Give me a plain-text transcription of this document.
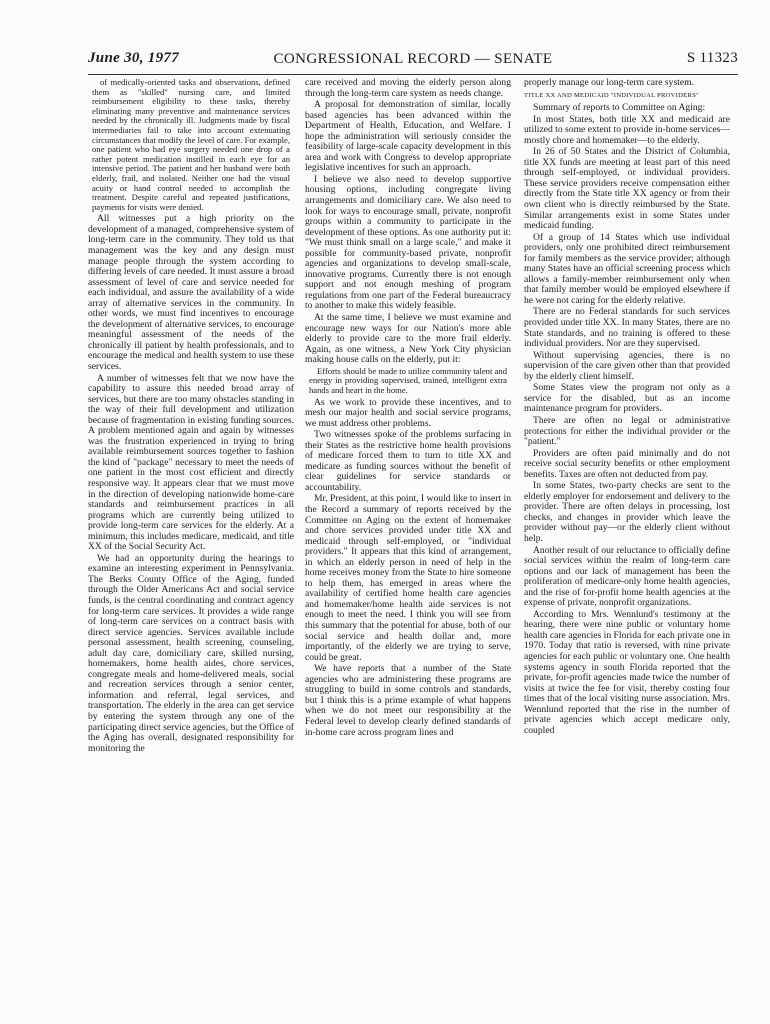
June 30, 1977	CONGRESSIONAL RECORD — SENATE	S 11323

of medically-oriented tasks and observations, defined them as "skilled" nursing care, and limited reimbursement eligibility to these tasks, thereby eliminating many preventive and maintenance services needed by the chronically ill. Judgments made by fiscal intermediaries fail to take into account extenuating circumstances that modify the level of care. For example, one patient who had eye surgery needed one drop of a rather potent medication instilled in each eye for an intensive period. The patient and her husband were both elderly, frail, and isolated. Neither one had the visual acuity or hand control needed to accomplish the treatment. Despite careful and repeated justifications, payments for visits were denied.

All witnesses put a high priority on the development of a managed, comprehensive system of long-term care in the community. They told us that management was the key and any design must manage people through the system according to differing levels of care needed. It must assure a broad assessment of level of care and service needed for each individual, and assure the availability of a wide array of alternative services in the community. In other words, we must find incentives to encourage the development of alternative services, to encourage meaningful assessment of the needs of the chronically ill patient by health professionals, and to encourage the medical and health system to use these services.

A number of witnesses felt that we now have the capability to assure this needed broad array of services, but there are too many obstacles standing in the way of their full development and utilization because of fragmentation in existing funding sources. A problem mentioned again and again by witnesses was the frustration experienced in trying to bring available reimbursement sources together to fashion the kind of "package" necessary to meet the needs of one patient in the most cost efficient and directly responsive way. It appears clear that we must move in the direction of developing nationwide home-care standards and reimbursement practices in all programs which are currently being utilized to provide long-term care services for the elderly. At a minimum, this includes medicare, medicaid, and title XX of the Social Security Act.

We had an opportunity during the hearings to examine an interesting experiment in Pennsylvania. The Berks County Office of the Aging, funded through the Older Americans Act and social service funds, is the central coordinating and contract agency for long-term care services. It provides a wide range of long-term care services on a contract basis with direct service agencies. Services available include personal assessment, health screening, counseling, adult day care, domiciliary care, skilled nursing, homemakers, home health aides, chore services, congregate meals and home-delivered meals, social and recreation services through a senior center, information and referral, legal services, and transportation. The elderly in the area can get service by entering the system through any one of the participating direct service agencies, but the Office of the Aging has overall, designated responsibility for monitoring the

care received and moving the elderly person along through the long-term care system as needs change.

A proposal for demonstration of similar, locally based agencies has been advanced within the Department of Health, Education, and Welfare. I hope the administration will seriously consider the feasibility of large-scale capacity development in this area and work with Congress to develop appropriate legislative incentives for such an approach.

I believe we also need to develop supportive housing options, including congregate living arrangements and domiciliary care. We also need to look for ways to encourage small, private, nonprofit groups within a community to participate in the development of these options. As one authority put it: "We must think small on a large scale," and make it possible for community-based private, nonprofit agencies and organizations to develop small-scale, innovative programs. Currently there is not enough support and not enough meshing of program regulations from one part of the Federal bureaucracy to another to make this widely feasible.

At the same time, I believe we must examine and encourage new ways for our Nation's more able elderly to provide care to the more frail elderly. Again, as one witness, a New York City physician making house calls on the elderly, put it:

Efforts should be made to utilize community talent and energy in providing supervised, trained, intelligent extra hands and heart in the home.

As we work to provide these incentives, and to mesh our major health and social service programs, we must address other problems.

Two witnesses spoke of the problems surfacing in their States as the restrictive home health provisions of medicare forced them to turn to title XX and medicare as funding sources without the benefit of clear guidelines for service standards or accountability.

Mr. President, at this point, I would like to insert in the Record a summary of reports received by the Committee on Aging on the extent of homemaker and chore services provided under title XX and medicaid through self-employed, or "individual providers." It appears that this kind of arrangement, in which an elderly person in need of help in the home receives money from the State to hire someone to help them, has emerged in areas where the availability of certified home health care agencies and homemaker/home health aide services is not enough to meet the need. I think you will see from this summary that the potential for abuse, both of our social service and health dollar and, more importantly, of the elderly we are trying to serve, could be great.

We have reports that a number of the State agencies who are administering these programs are struggling to build in some controls and standards, but I think this is a prime example of what happens when we do not meet our responsibility at the Federal level to develop clearly defined standards of in-home care across program lines and

properly manage our long-term care system.

TITLE XX AND MEDICAID "INDIVIDUAL PROVIDERS"

Summary of reports to Committee on Aging:

In most States, both title XX and medicaid are utilized to some extent to provide in-home services—mostly chore and homemaker—to the elderly.

In 26 of 50 States and the District of Columbia, title XX funds are meeting at least part of this need through self-employed, or individual providers. These service providers receive compensation either directly from the State title XX agency or from their own client who is directly reimbursed by the State. Similar arrangements exist in some States under medicaid funding.

Of a group of 14 States which use individual providers, only one prohibited direct reimbursement for family members as the service provider; although many States have an official screening process which allows a family-member reimbursement only when that family member would be employed elsewhere if he were not caring for the elderly relative.

There are no Federal standards for such services provided under title XX. In many States, there are no State standards, and no training is offered to these individual providers. Nor are they supervised.

Without supervising agencies, there is no supervision of the care given other than that provided by the elderly client himself.

Some States view the program not only as a service for the disabled, but as an income maintenance program for providers.

There are often no legal or administrative protections for either the individual provider or the "patient."

Providers are often paid minimally and do not receive social security benefits or other employment benefits. Taxes are often not deducted from pay.

In some States, two-party checks are sent to the elderly employer for endorsement and delivery to the provider. There are often delays in processing, lost checks, and changes in provider which leave the provider without pay—or the elderly client without help.

Another result of our reluctance to officially define social services within the realm of long-term care options and our lack of management has been the proliferation of medicare-only home health agencies, and the rise of for-profit home health agencies at the expense of private, nonprofit organizations.

According to Mrs. Wennlund's testimony at the hearing, there were nine public or voluntary home health care agencies in Florida for each private one in 1970. Today that ratio is reversed, with nine private agencies for each public or voluntary one. One health systems agency in south Florida reported that the private, for-profit agencies made twice the number of visits at twice the fee for visit, thereby costing four times that of the local visiting nurse association. Mrs. Wennlund reported that the rise in the number of private agencies which accept medicare only, coupled
